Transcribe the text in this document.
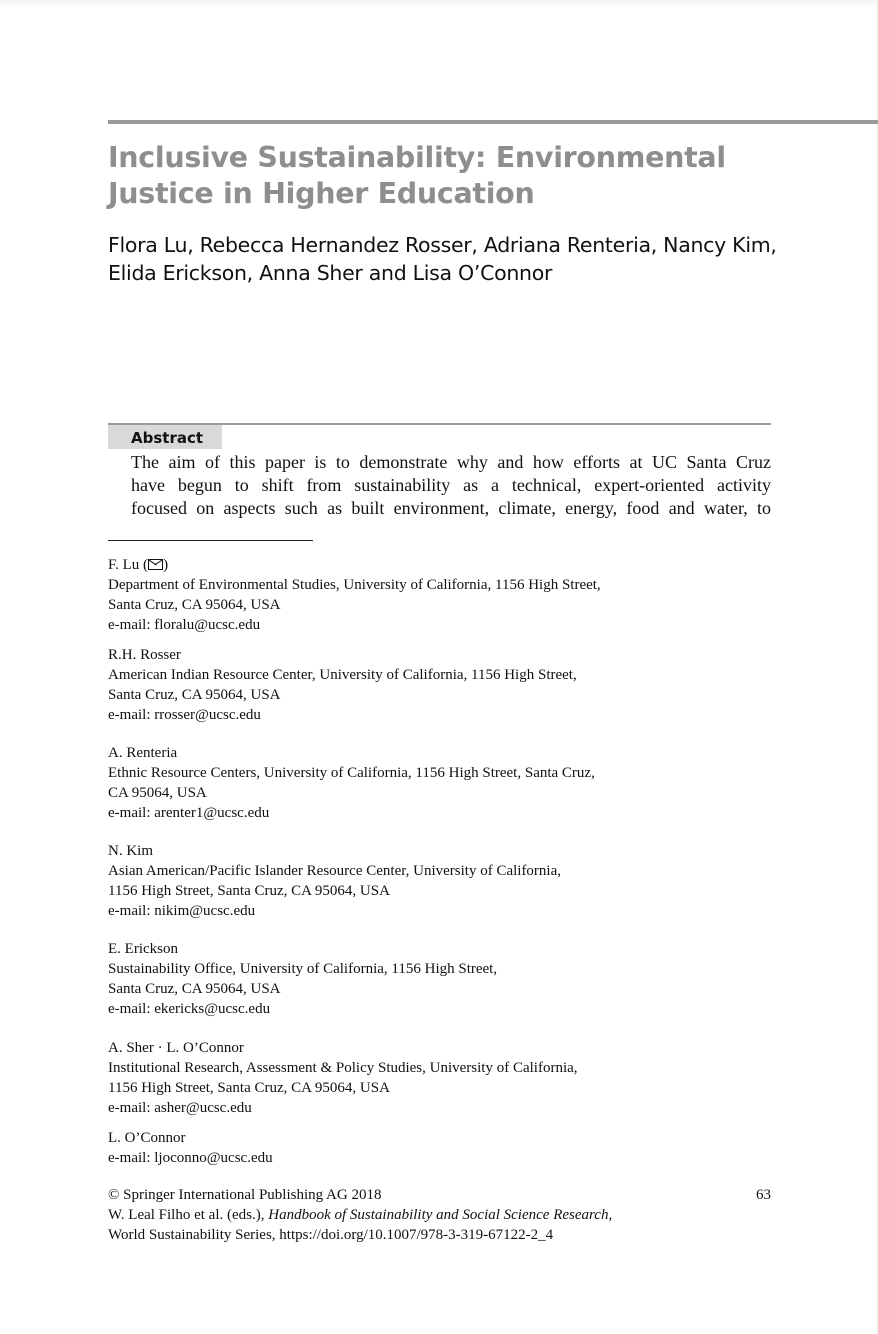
Inclusive Sustainability: Environmental
Justice in Higher Education
Flora Lu, Rebecca Hernandez Rosser, Adriana Renteria, Nancy Kim,
Elida Erickson, Anna Sher and Lisa O’Connor
Abstract
The aim of this paper is to demonstrate why and how efforts at UC Santa Cruz
have begun to shift from sustainability as a technical, expert-oriented activity
focused on aspects such as built environment, climate, energy, food and water, to
F. Lu ( )
Department of Environmental Studies, University of California, 1156 High Street,
Santa Cruz, CA 95064, USA
e-mail: floralu@ucsc.edu
R.H. Rosser
American Indian Resource Center, University of California, 1156 High Street,
Santa Cruz, CA 95064, USA
e-mail: rrosser@ucsc.edu
A. Renteria
Ethnic Resource Centers, University of California, 1156 High Street, Santa Cruz,
CA 95064, USA
e-mail: arenter1@ucsc.edu
N. Kim
Asian American/Pacific Islander Resource Center, University of California,
1156 High Street, Santa Cruz, CA 95064, USA
e-mail: nikim@ucsc.edu
E. Erickson
Sustainability Office, University of California, 1156 High Street,
Santa Cruz, CA 95064, USA
e-mail: ekericks@ucsc.edu
A. Sher · L. O’Connor
Institutional Research, Assessment & Policy Studies, University of California,
1156 High Street, Santa Cruz, CA 95064, USA
e-mail: asher@ucsc.edu
L. O’Connor
e-mail: ljoconno@ucsc.edu
© Springer International Publishing AG 2018
W. Leal Filho et al. (eds.), Handbook of Sustainability and Social Science Research,
World Sustainability Series, https://doi.org/10.1007/978-3-319-67122-2_4
63
